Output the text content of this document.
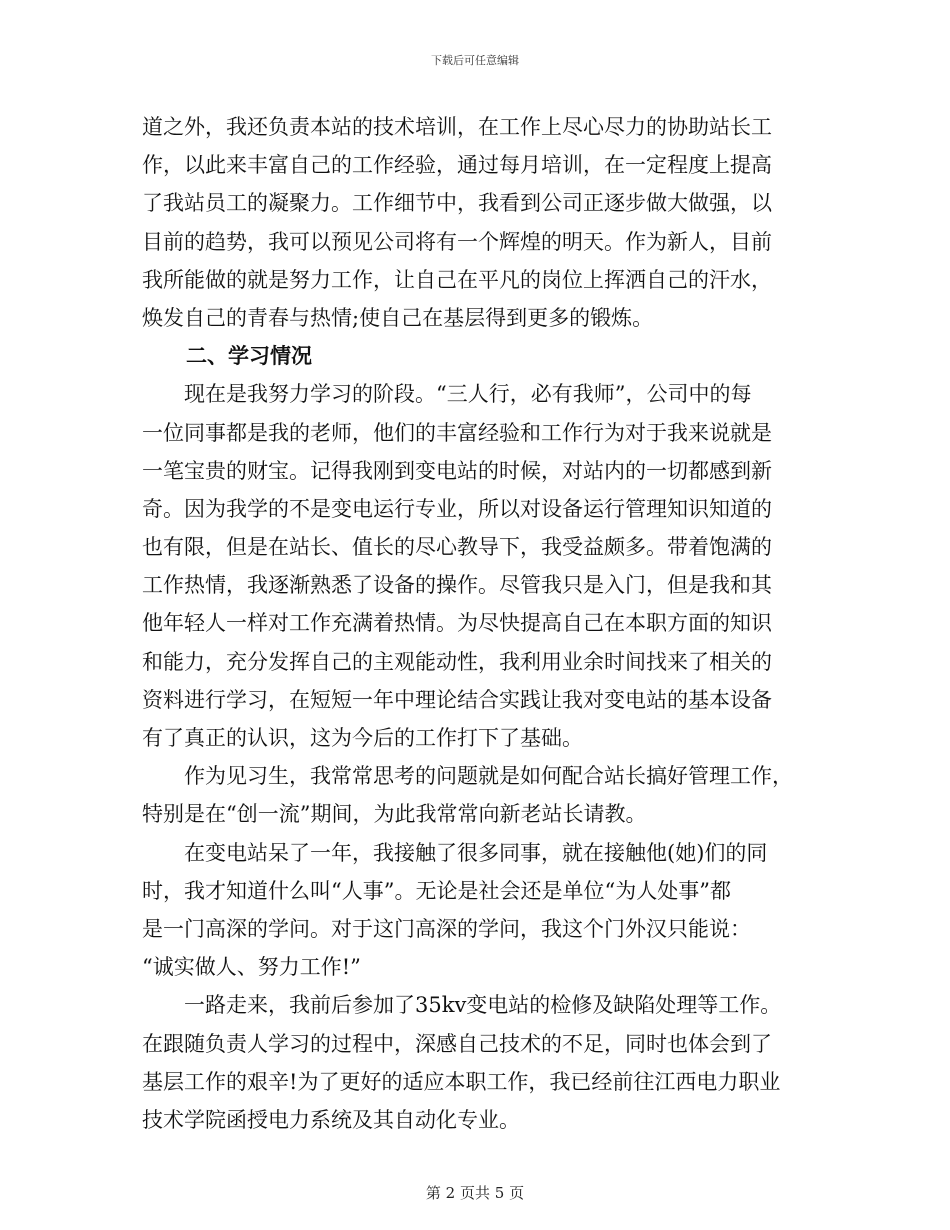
下载后可任意编辑
道之外，我还负责本站的技术培训，在工作上尽心尽力的协助站长工
作，以此来丰富自己的工作经验，通过每月培训，在一定程度上提高
了我站员工的凝聚力。工作细节中，我看到公司正逐步做大做强，以
目前的趋势，我可以预见公司将有一个辉煌的明天。作为新人，目前
我所能做的就是努力工作，让自己在平凡的岗位上挥洒自己的汗水，
焕发自己的青春与热情;使自己在基层得到更多的锻炼。
二、学习情况
现在是我努力学习的阶段。“三人行，必有我师”，公司中的每
一位同事都是我的老师，他们的丰富经验和工作行为对于我来说就是
一笔宝贵的财宝。记得我刚到变电站的时候，对站内的一切都感到新
奇。因为我学的不是变电运行专业，所以对设备运行管理知识知道的
也有限，但是在站长、值长的尽心教导下，我受益颇多。带着饱满的
工作热情，我逐渐熟悉了设备的操作。尽管我只是入门，但是我和其
他年轻人一样对工作充满着热情。为尽快提高自己在本职方面的知识
和能力，充分发挥自己的主观能动性，我利用业余时间找来了相关的
资料进行学习，在短短一年中理论结合实践让我对变电站的基本设备
有了真正的认识，这为今后的工作打下了基础。
作为见习生，我常常思考的问题就是如何配合站长搞好管理工作，
特别是在“创一流”期间，为此我常常向新老站长请教。
在变电站呆了一年，我接触了很多同事，就在接触他(她)们的同
时，我才知道什么叫“人事”。无论是社会还是单位“为人处事”都
是一门高深的学问。对于这门高深的学问，我这个门外汉只能说：
“诚实做人、努力工作!”
一路走来，我前后参加了35kv变电站的检修及缺陷处理等工作。
在跟随负责人学习的过程中，深感自己技术的不足，同时也体会到了
基层工作的艰辛!为了更好的适应本职工作，我已经前往江西电力职业
技术学院函授电力系统及其自动化专业。
第 2 页共 5 页
